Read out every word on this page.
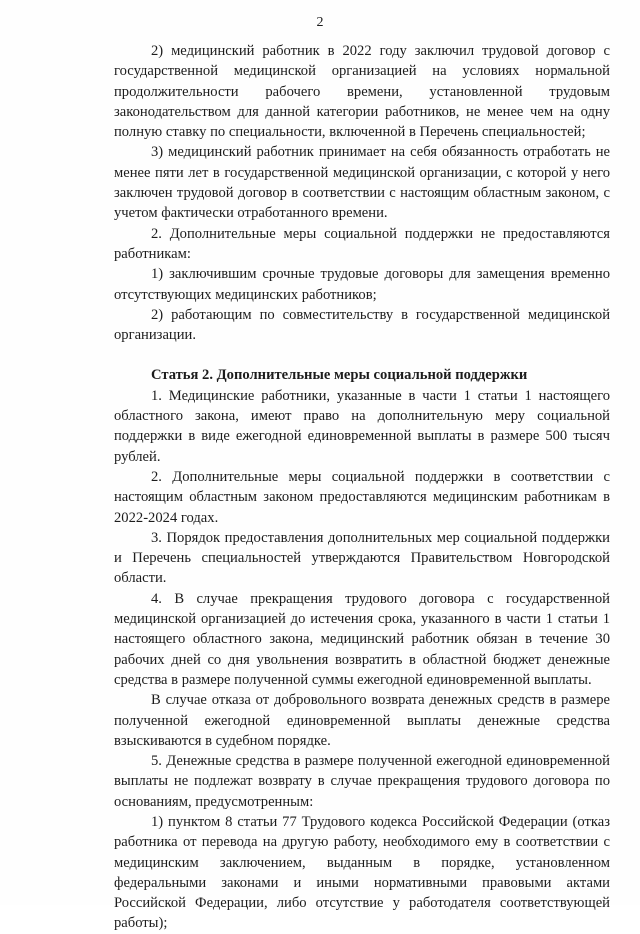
2

2) медицинский работник в 2022 году заключил трудовой договор с государственной медицинской организацией на условиях нормальной продолжительности рабочего времени, установленной трудовым законодательством для данной категории работников, не менее чем на одну полную ставку по специальности, включенной в Перечень специальностей;

3) медицинский работник принимает на себя обязанность отработать не менее пяти лет в государственной медицинской организации, с которой у него заключен трудовой договор в соответствии с настоящим областным законом, с учетом фактически отработанного времени.

2. Дополнительные меры социальной поддержки не предоставляются работникам:

1) заключившим срочные трудовые договоры для замещения временно отсутствующих медицинских работников;

2) работающим по совместительству в государственной медицинской организации.

Статья 2. Дополнительные меры социальной поддержки

1. Медицинские работники, указанные в части 1 статьи 1 настоящего областного закона, имеют право на дополнительную меру социальной поддержки в виде ежегодной единовременной выплаты в размере 500 тысяч рублей.

2. Дополнительные меры социальной поддержки в соответствии с настоящим областным законом предоставляются медицинским работникам в 2022-2024 годах.

3. Порядок предоставления дополнительных мер социальной поддержки и Перечень специальностей утверждаются Правительством Новгородской области.

4. В случае прекращения трудового договора с государственной медицинской организацией до истечения срока, указанного в части 1 статьи 1 настоящего областного закона, медицинский работник обязан в течение 30 рабочих дней со дня увольнения возвратить в областной бюджет денежные средства в размере полученной суммы ежегодной единовременной выплаты.

В случае отказа от добровольного возврата денежных средств в размере полученной ежегодной единовременной выплаты денежные средства взыскиваются в судебном порядке.

5. Денежные средства в размере полученной ежегодной единовременной выплаты не подлежат возврату в случае прекращения трудового договора по основаниям, предусмотренным:

1) пунктом 8 статьи 77 Трудового кодекса Российской Федерации (отказ работника от перевода на другую работу, необходимого ему в соответствии с медицинским заключением, выданным в порядке, установленном федеральными законами и иными нормативными правовыми актами Российской Федерации, либо отсутствие у работодателя соответствующей работы);
